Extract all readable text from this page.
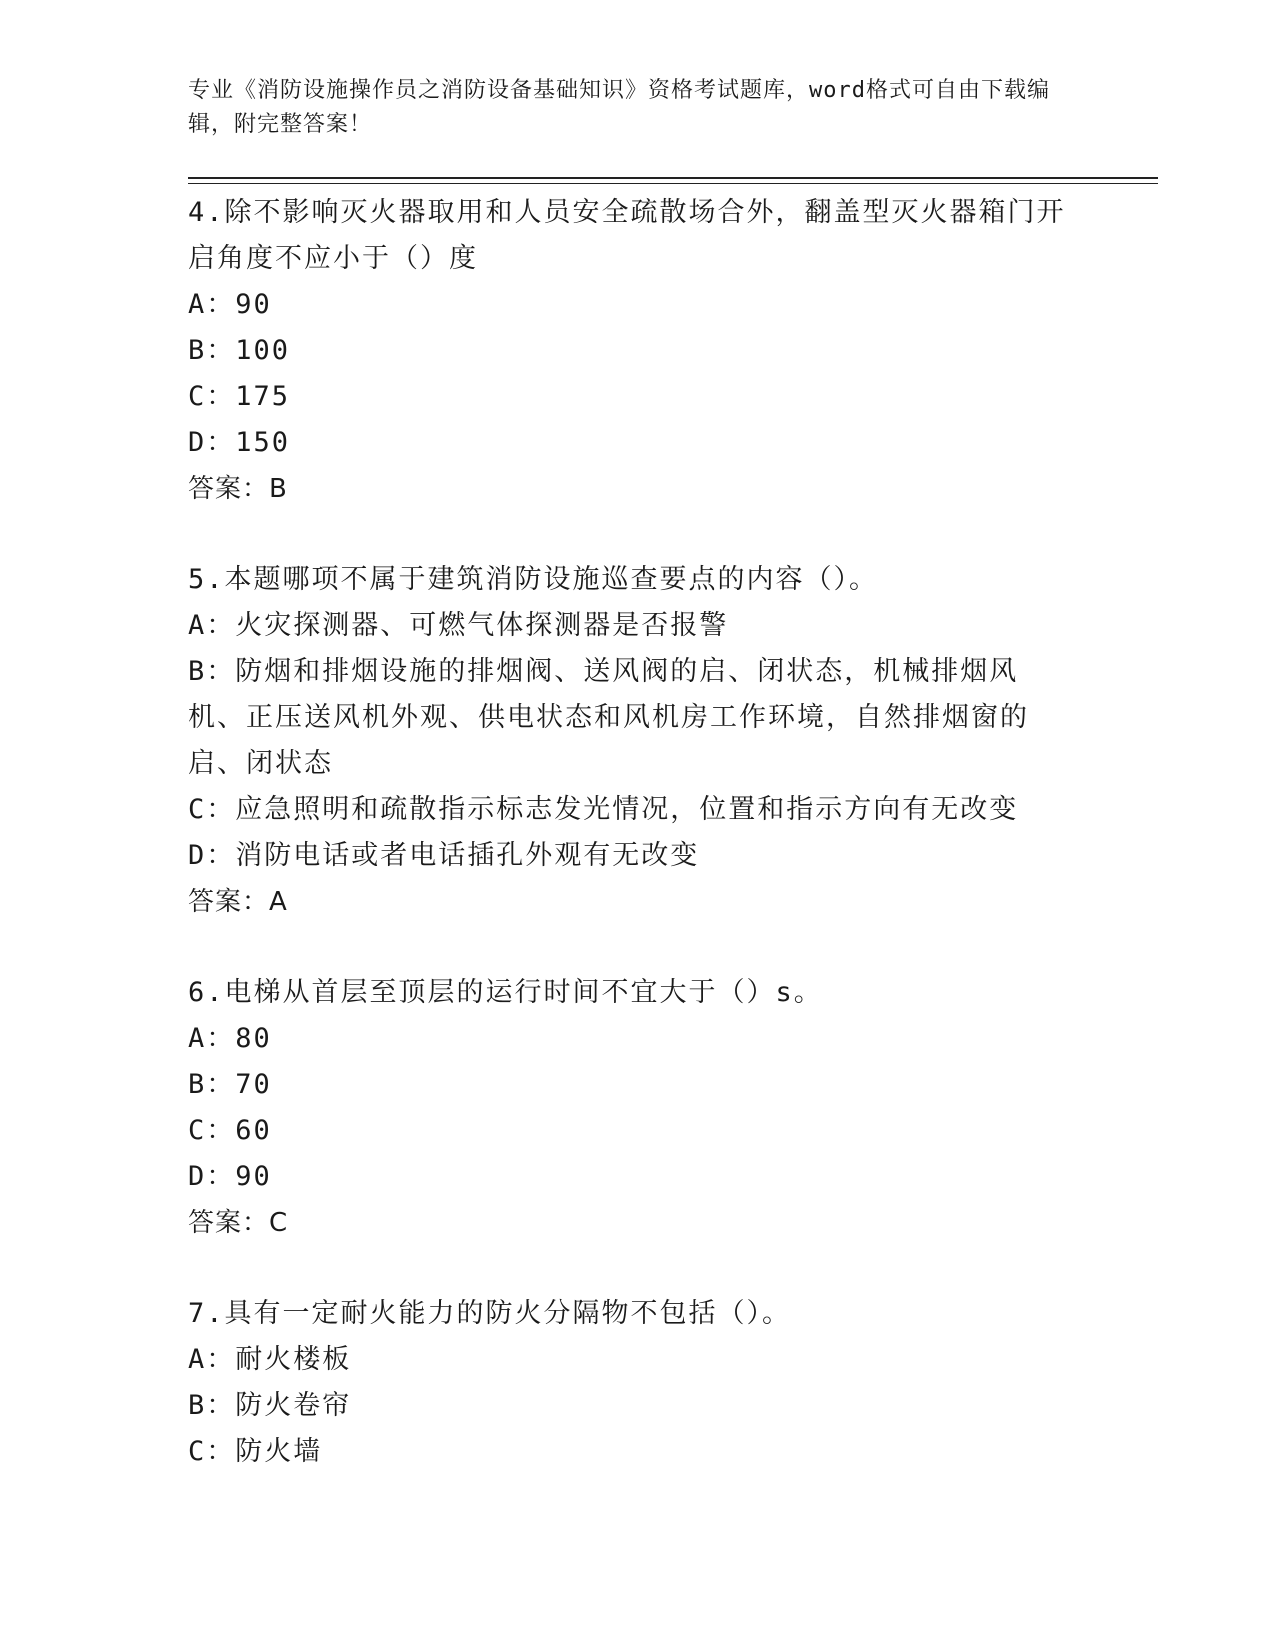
专业《消防设施操作员之消防设备基础知识》资格考试题库，word格式可自由下载编辑，附完整答案！

4.除不影响灭火器取用和人员安全疏散场合外，翻盖型灭火器箱门开启角度不应小于（）度

A：90

B：100

C：175

D：150

答案：B

5.本题哪项不属于建筑消防设施巡查要点的内容（）。

A：火灾探测器、可燃气体探测器是否报警

B：防烟和排烟设施的排烟阀、送风阀的启、闭状态，机械排烟风机、正压送风机外观、供电状态和风机房工作环境，自然排烟窗的启、闭状态

C：应急照明和疏散指示标志发光情况，位置和指示方向有无改变

D：消防电话或者电话插孔外观有无改变

答案：A

6.电梯从首层至顶层的运行时间不宜大于（）s。

A：80

B：70

C：60

D：90

答案：C

7.具有一定耐火能力的防火分隔物不包括（）。

A：耐火楼板

B：防火卷帘

C：防火墙
